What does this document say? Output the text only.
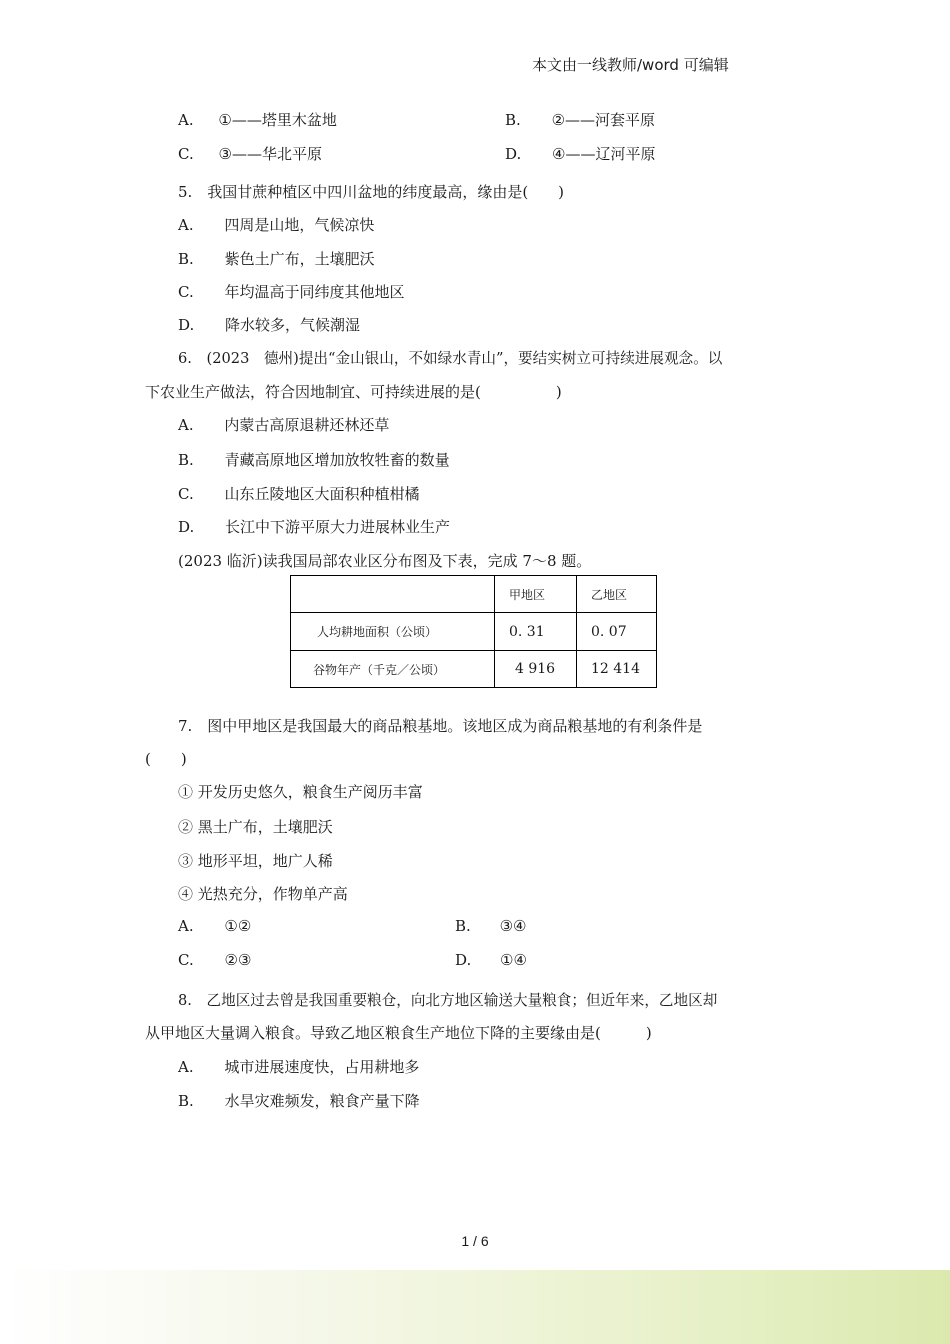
本文由一线教师/word 可编辑
A. ①——塔里木盆地	B. ②——河套平原
C. ③——华北平原	D. ④——辽河平原
5.　我国甘蔗种植区中四川盆地的纬度最高，缘由是(　　)
A. 四周是山地，气候凉快
B. 紫色土广布，土壤肥沃
C. 年均温高于同纬度其他地区
D. 降水较多，气候潮湿
6.　(2023　德州)提出“金山银山，不如绿水青山”，要结实树立可持续进展观念。以
下农业生产做法，符合因地制宜、可持续进展的是(　　　　　)
A. 内蒙古高原退耕还林还草
B. 青藏高原地区增加放牧牲畜的数量
C. 山东丘陵地区大面积种植柑橘
D. 长江中下游平原大力进展林业生产
(2023 临沂)读我国局部农业区分布图及下表，完成 7～8 题。
	甲地区	乙地区
人均耕地面积（公顷）	0. 31	0. 07
谷物年产（千克／公顷）	4 916	12 414
7.　图中甲地区是我国最大的商品粮基地。该地区成为商品粮基地的有利条件是
(　　)
① 开发历史悠久，粮食生产阅历丰富
② 黑土广布，土壤肥沃
③ 地形平坦，地广人稀
④ 光热充分，作物单产高
A. ①②	B. ③④
C. ②③	D. ①④
8.　乙地区过去曾是我国重要粮仓，向北方地区输送大量粮食；但近年来，乙地区却
从甲地区大量调入粮食。导致乙地区粮食生产地位下降的主要缘由是(　　　)
A. 城市进展速度快，占用耕地多
B. 水旱灾难频发，粮食产量下降
1 / 6
